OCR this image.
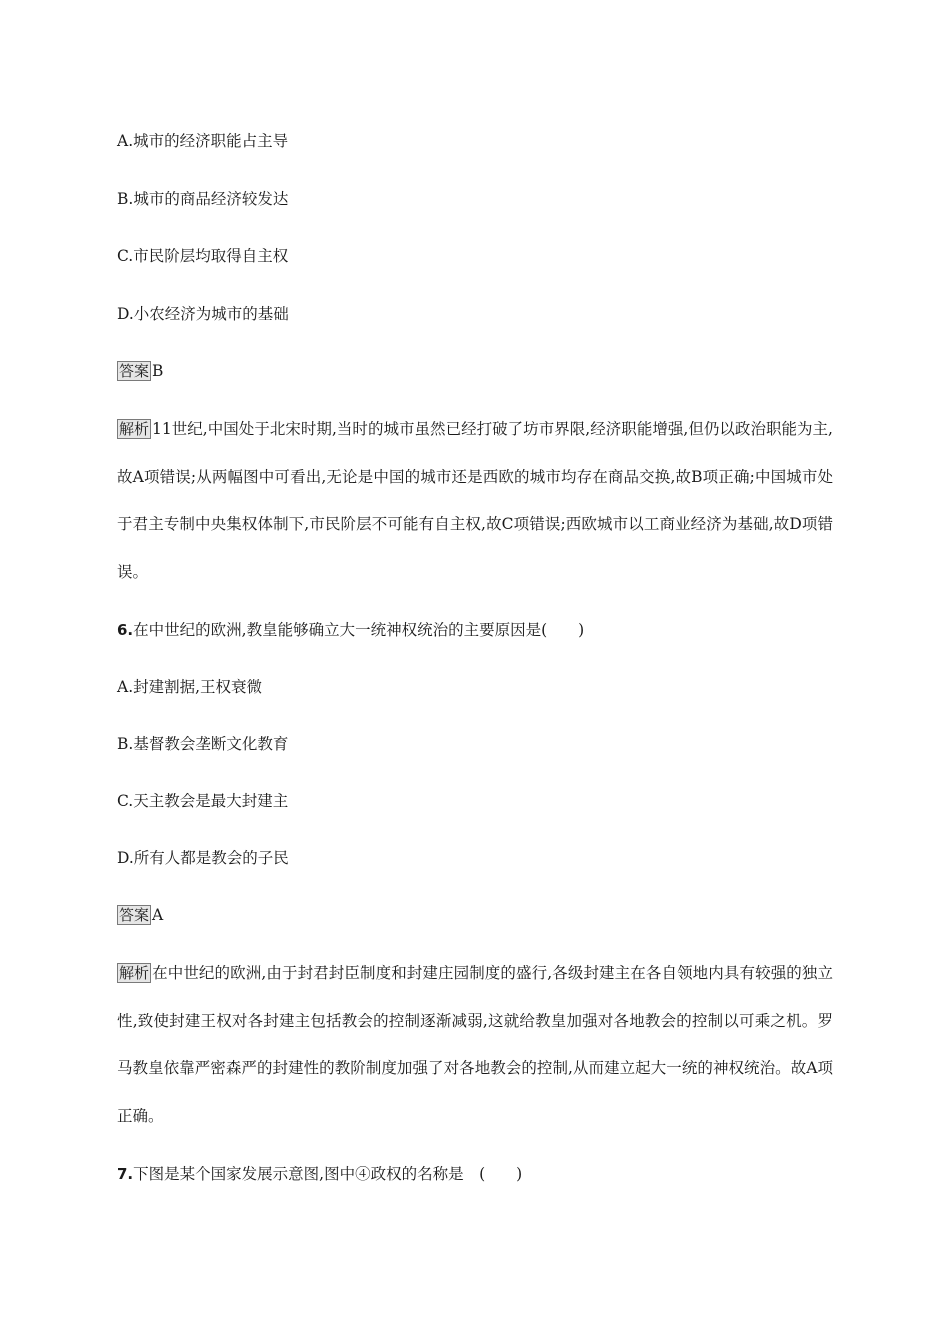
A.城市的经济职能占主导
B.城市的商品经济较发达
C.市民阶层均取得自主权
D.小农经济为城市的基础
答案 B
解析 11世纪,中国处于北宋时期,当时的城市虽然已经打破了坊市界限,经济职能增强,但仍以政治职能为主,故A项错误;从两幅图中可看出,无论是中国的城市还是西欧的城市均存在商品交换,故B项正确;中国城市处于君主专制中央集权体制下,市民阶层不可能有自主权,故C项错误;西欧城市以工商业经济为基础,故D项错误。
6.在中世纪的欧洲,教皇能够确立大一统神权统治的主要原因是(　　)
A.封建割据,王权衰微
B.基督教会垄断文化教育
C.天主教会是最大封建主
D.所有人都是教会的子民
答案 A
解析 在中世纪的欧洲,由于封君封臣制度和封建庄园制度的盛行,各级封建主在各自领地内具有较强的独立性,致使封建王权对各封建主包括教会的控制逐渐减弱,这就给教皇加强对各地教会的控制以可乘之机。罗马教皇依靠严密森严的封建性的教阶制度加强了对各地教会的控制,从而建立起大一统的神权统治。故A项正确。
7.下图是某个国家发展示意图,图中④政权的名称是　(　　)
